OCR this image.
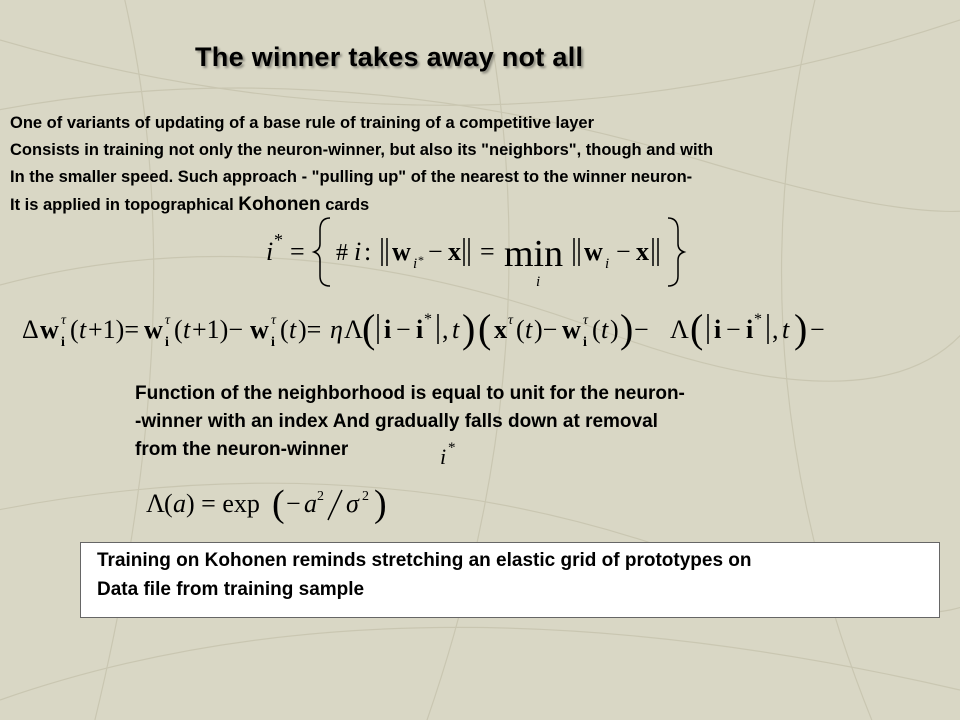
The winner takes away not all
One of variants of updating of a base rule of training of a competitive layer
Consists in training not only the neuron-winner, but also its "neighbors", though and with
In the smaller speed. Such approach - "pulling up" of the nearest to the winner neuron-
It is applied in topographical Kohonen cards
i * = # i : w i * − x = min
i
w i − x
Δ w τ
i ( t +1)= w τ
i ( t +1)− w τ
i ( t )= η Λ ( i − i * , t ) ( x τ ( t )− w τ
i ( t ) ) − Λ ( i − i * , t ) −
Function of the neighborhood is equal to unit for the neuron-
-winner with an index And gradually falls down at removal
from the neuron-winner	i *
Λ ( a ) = exp ( − a 2 σ 2 )
Training on Kohonen reminds stretching an elastic grid of prototypes on
Data file from training sample
